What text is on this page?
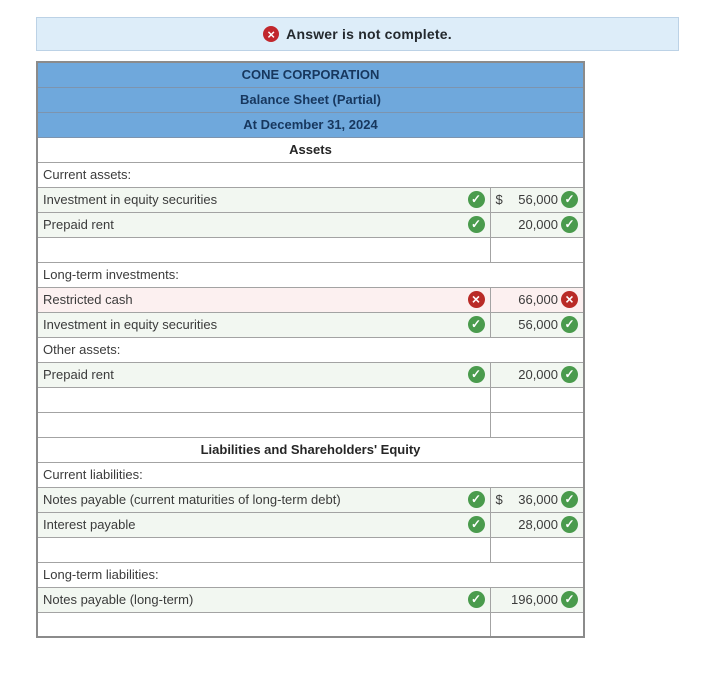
× Answer is not complete.
CONE CORPORATION	
Balance Sheet (Partial)	
At December 31, 2024	
Assets	
Current assets:	

Investment in equity securities ✓	$ 56,000 ✓

Prepaid rent ✓	20,000 ✓

Long-term investments:	

Restricted cash ×	66,000 ×

Investment in equity securities ✓	56,000 ✓

Other assets:	

Prepaid rent ✓	20,000 ✓

Liabilities and Shareholders' Equity	
Current liabilities:	

Notes payable (current maturities of long-term debt) ✓	$ 36,000 ✓

Interest payable ✓	28,000 ✓

Long-term liabilities:	

Notes payable (long-term) ✓	196,000 ✓
